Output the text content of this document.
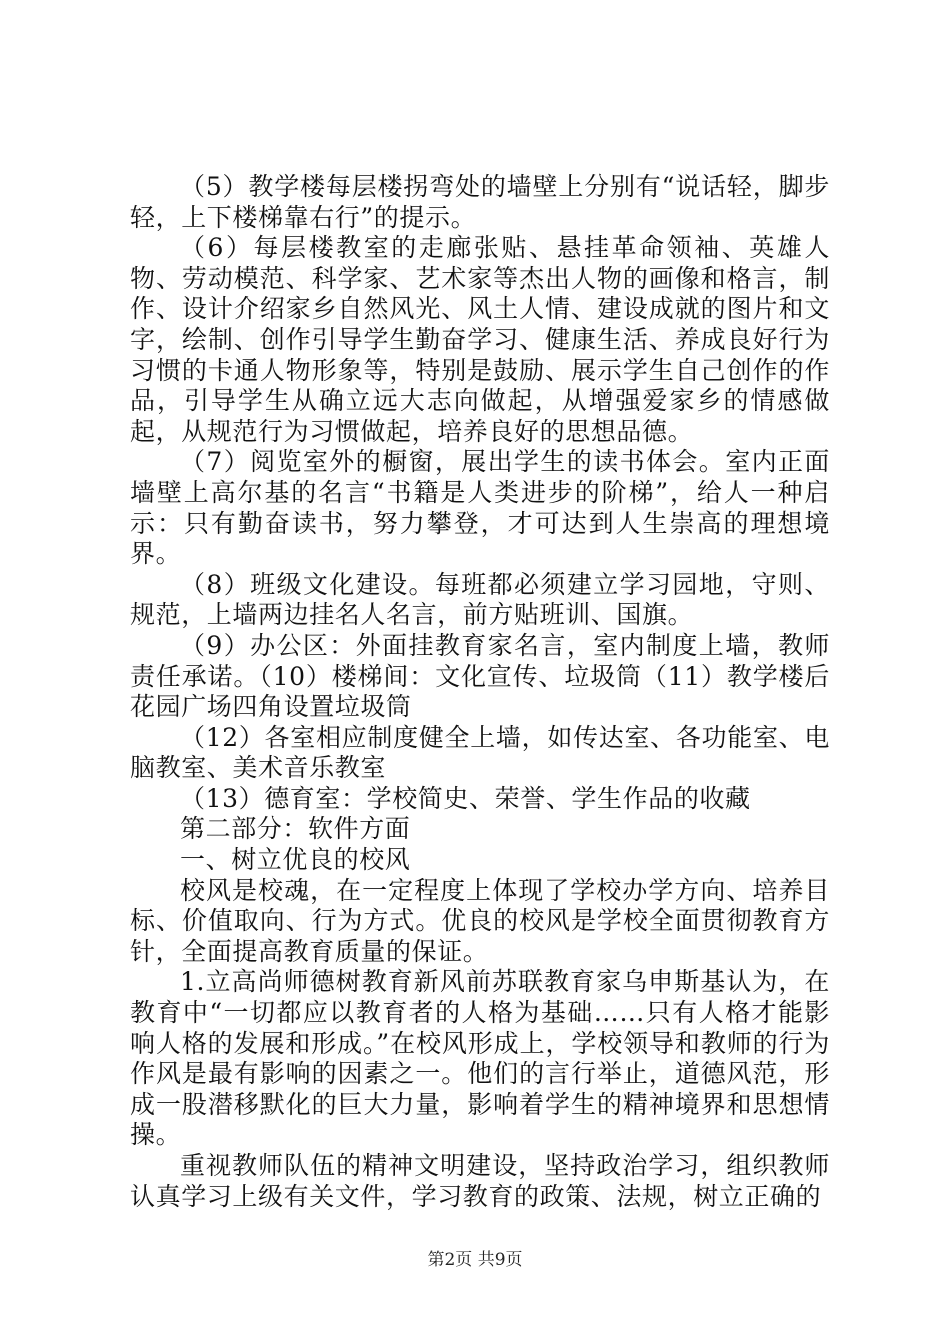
（5）教学楼每层楼拐弯处的墙壁上分别有“说话轻，脚步轻，上下楼梯靠右行”的提示。

（6）每层楼教室的走廊张贴、悬挂革命领袖、英雄人物、劳动模范、科学家、艺术家等杰出人物的画像和格言，制作、设计介绍家乡自然风光、风土人情、建设成就的图片和文字，绘制、创作引导学生勤奋学习、健康生活、养成良好行为习惯的卡通人物形象等，特别是鼓励、展示学生自己创作的作品，引导学生从确立远大志向做起，从增强爱家乡的情感做起，从规范行为习惯做起，培养良好的思想品德。

（7）阅览室外的橱窗，展出学生的读书体会。室内正面墙壁上高尔基的名言“书籍是人类进步的阶梯”，给人一种启示：只有勤奋读书，努力攀登，才可达到人生崇高的理想境界。

（8）班级文化建设。每班都必须建立学习园地，守则、规范，上墙两边挂名人名言，前方贴班训、国旗。

（9）办公区：外面挂教育家名言，室内制度上墙，教师责任承诺。（10）楼梯间：文化宣传、垃圾筒（11）教学楼后花园广场四角设置垃圾筒

（12）各室相应制度健全上墙，如传达室、各功能室、电脑教室、美术音乐教室

（13）德育室：学校简史、荣誉、学生作品的收藏

第二部分：软件方面

一、树立优良的校风

校风是校魂，在一定程度上体现了学校办学方向、培养目标、价值取向、行为方式。优良的校风是学校全面贯彻教育方针，全面提高教育质量的保证。

1.立高尚师德树教育新风前苏联教育家乌申斯基认为，在教育中“一切都应以教育者的人格为基础……只有人格才能影响人格的发展和形成。”在校风形成上，学校领导和教师的行为作风是最有影响的因素之一。他们的言行举止，道德风范，形成一股潜移默化的巨大力量，影响着学生的精神境界和思想情操。

重视教师队伍的精神文明建设，坚持政治学习，组织教师认真学习上级有关文件，学习教育的政策、法规，树立正确的

第2页 共9页
